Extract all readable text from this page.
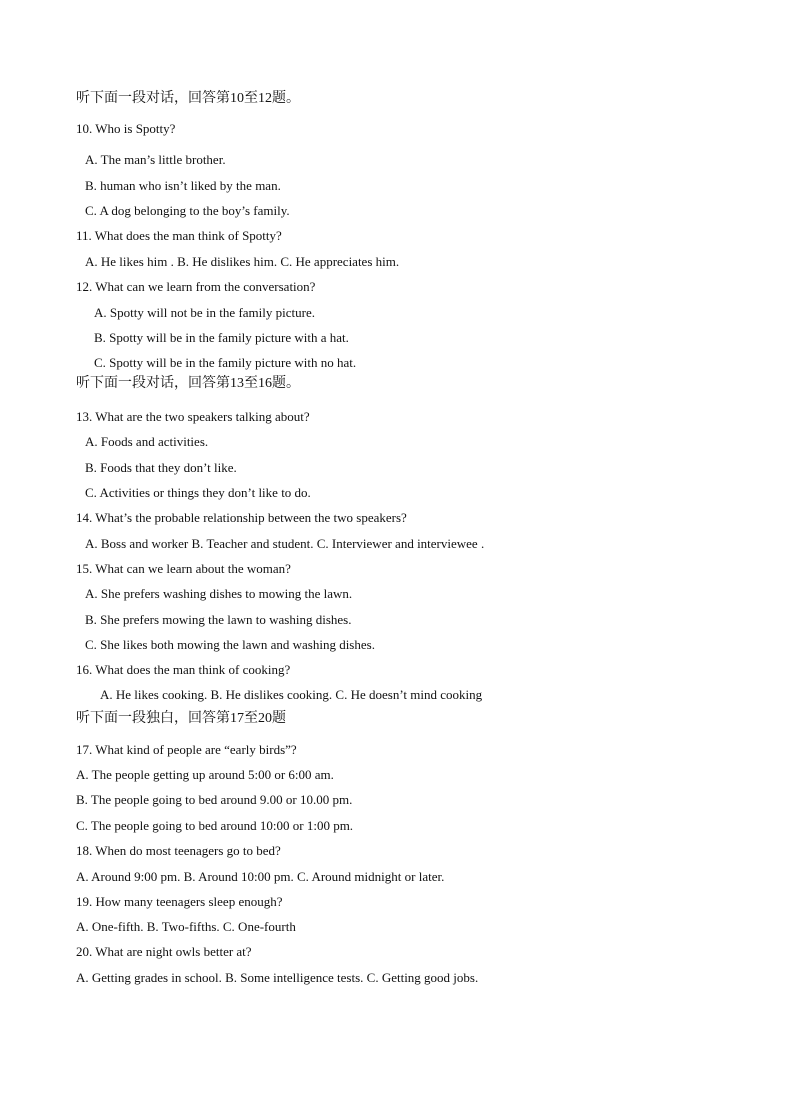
听下面一段对话，回答第10至12题。
10. Who is Spotty?
A. The man’s little brother.
B. human who isn’t liked by the man.
C. A dog belonging to the boy’s family.
11. What does the man think of Spotty?
A. He likes him . B. He dislikes him. C. He appreciates him.
12. What can we learn from the conversation?
A. Spotty will not be in the family picture.
B. Spotty will be in the family picture with a hat.
C. Spotty will be in the family picture with no hat.
听下面一段对话，回答第13至16题。
13. What are the two speakers talking about?
A. Foods and activities.
B. Foods that they don’t like.
C. Activities or things they don’t like to do.
14. What’s the probable relationship between the two speakers?
A. Boss and worker B. Teacher and student. C. Interviewer and interviewee .
15. What can we learn about the woman?
A. She prefers washing dishes to mowing the lawn.
B. She prefers mowing the lawn to washing dishes.
C. She likes both mowing the lawn and washing dishes.
16. What does the man think of cooking?
A. He likes cooking. B. He dislikes cooking. C. He doesn’t mind cooking
听下面一段独白，回答第17至20题
17. What kind of people are “early birds”?
A. The people getting up around 5:00 or 6:00 am.
B. The people going to bed around 9.00 or 10.00 pm.
C. The people going to bed around 10:00 or 1:00 pm.
18. When do most teenagers go to bed?
A. Around 9:00 pm. B. Around 10:00 pm. C. Around midnight or later.
19. How many teenagers sleep enough?
A. One-fifth. B. Two-fifths. C. One-fourth
20. What are night owls better at?
A. Getting grades in school. B. Some intelligence tests. C. Getting good jobs.
